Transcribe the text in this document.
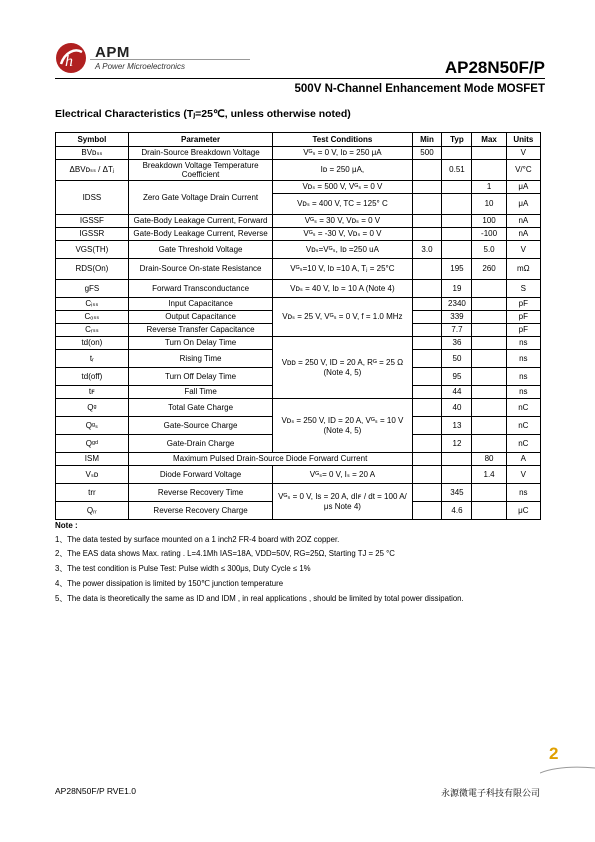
h
APM
A Power Microelectronics	AP28N50F/P
500V N-Channel Enhancement Mode MOSFET
Electrical Characteristics (Tⱼ=25℃, unless otherwise noted)
Symbol	Parameter	Test Conditions	Min	Typ	Max	Units
BVᴅₛₛ	Drain-Source Breakdown Voltage	Vᴳₛ = 0 V, Iᴅ = 250 μA	500			V
ΔBVᴅₛₛ / ΔTⱼ	Breakdown Voltage Temperature Coefficient	Iᴅ = 250 μA,		0.51		V/°C
IDSS	Zero Gate Voltage Drain Current	Vᴅₛ = 500 V, Vᴳₛ = 0 V			1	μA
		Vᴅₛ = 400 V, TC = 125° C			10	μA
IGSSF	Gate-Body Leakage Current, Forward	Vᴳₛ = 30 V, Vᴅₛ = 0 V			100	nA
IGSSR	Gate-Body Leakage Current, Reverse	Vᴳₛ = -30 V, Vᴅₛ = 0 V			-100	nA
VGS(TH)	Gate Threshold Voltage	Vᴅₛ=Vᴳₛ, Iᴅ =250 uA	3.0		5.0	V
RDS(On)	Drain-Source On-state Resistance	Vᴳₛ=10 V, Iᴅ =10 A, Tⱼ = 25°C		195	260	mΩ
gFS	Forward Transconductance	Vᴅₛ = 40 V, Iᴅ = 10 A (Note 4)		19		S
Cᵢₛₛ	Input Capacitance	Vᴅₛ = 25 V, Vᴳₛ = 0 V, f = 1.0 MHz		2340		pF
Cₒₛₛ	Output Capacitance			339		pF
Cᵣₛₛ	Reverse Transfer Capacitance			7.7		pF
td(on)	Turn On Delay Time	Vᴅᴅ = 250 V, ID = 20 A, Rᴳ = 25 Ω (Note 4, 5)		36		ns
tᵣ	Rising Time			50		ns
td(off)	Turn Off Delay Time			95		ns
tꜰ	Fall Time			44		ns
Qᵍ	Total Gate Charge	Vᴅₛ = 250 V, ID = 20 A, Vᴳₛ = 10 V (Note 4, 5)		40		nC
Qᵍₛ	Gate-Source Charge			13		nC
Qᵍᵈ	Gate-Drain Charge			12		nC
ISM	Maximum Pulsed Drain-Source Diode Forward Current				80	A
Vₛᴅ	Diode Forward Voltage	Vᴳₛ= 0 V, Iₛ = 20 A			1.4	V
trr	Reverse Recovery Time	Vᴳₛ = 0 V, Is = 20 A, dIꜰ / dt = 100 A/μs Note 4)		345		ns
Qᵣᵣ	Reverse Recovery Charge			4.6		μC
Note :
1、The data tested by surface mounted on a 1 inch2 FR-4 board with 2OZ copper.
2、The EAS data shows Max. rating . L=4.1Mh IAS=18A, VDD=50V, RG=25Ω, Starting TJ = 25 °C
3、The test condition is Pulse Test: Pulse width ≤ 300μs, Duty Cycle ≤ 1%
4、The power dissipation is limited by 150℃ junction temperature
5、The data is theoretically the same as ID and IDM , in real applications , should be limited by total power dissipation.
2
AP28N50F/P RVE1.0	永源微電子科技有限公司
